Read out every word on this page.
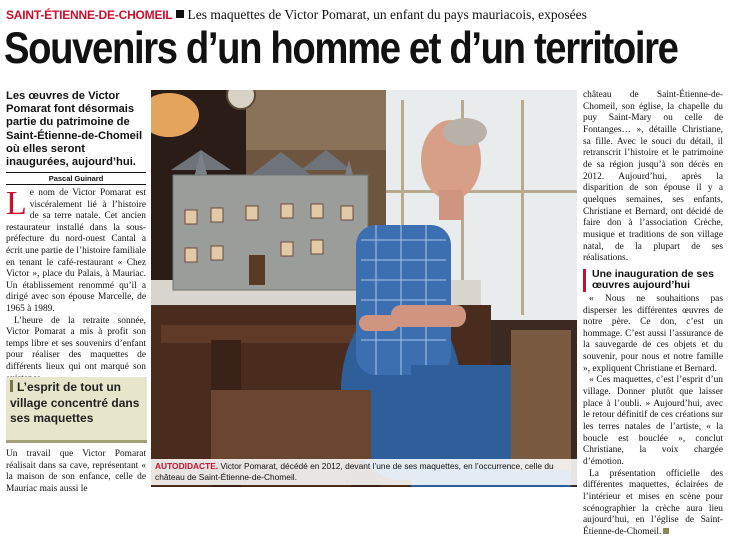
SAINT-ÉTIENNE-DE-CHOMEIL Les maquettes de Victor Pomarat, un enfant du pays mauriacois, exposées
Souvenirs d’un homme et d’un territoire
Les œuvres de Victor Pomarat font désormais partie du patrimoine de Saint-Étienne-de-Chomeil où elles seront inaugurées, aujourd’hui.
Pascal Guinard

Le nom de Victor Pomarat est viscéralement lié à l’histoire de sa terre natale. Cet ancien restaurateur installé dans la sous-préfecture du nord-ouest Cantal a écrit une partie de l’histoire familiale en tenant le café-restaurant « Chez Victor », place du Palais, à Mauriac. Un établissement renommé qu’il a dirigé avec son épouse Marcelle, de 1965 à 1989.

L’heure de la retraite sonnée, Victor Pomarat a mis à profit son temps libre et ses souvenirs d’enfant pour réaliser des maquettes de différents lieux qui ont marqué son

L’esprit de tout un village concentré dans ses maquettes
Un travail que Victor Pomarat réalisait dans sa cave, représentant « la maison de son enfance, celle de Mauriac mais aussi le
AUTODIDACTE. Victor Pomarat, décédé en 2012, devant l’une de ses maquettes, en l’occurrence, celle du château de Saint-Étienne-de-Chomeil.

château de Saint-Étienne-de-Chomeil, son église, la chapelle du puy Saint-Mary ou celle de Fontanges… », détaille Christiane, sa fille. Avec le souci du détail, il retranscrit l’histoire et le patrimoine de sa région jusqu’à son décès en 2012. Aujourd’hui, après la disparition de son épouse il y a quelques semaines, ses enfants, Christiane et Bernard, ont décidé de faire don à l’association Crèche, musique et traditions de son village natal, de la plupart de ses réalisations.

Une inauguration de ses œuvres aujourd’hui

« Nous ne souhaitions pas disperser les différentes œuvres de notre père. Ce don, c’est un hommage. C’est aussi l’assurance de la sauvegarde de ces objets et du souvenir, pour nous et notre famille », expliquent Christiane et Bernard.

« Ces maquettes, c’est l’esprit d’un village. Donner plutôt que laisser place à l’oubli. » Aujourd’hui, avec le retour définitif de ces créations sur les terres natales de l’artiste, « la boucle est bouclée », conclut Christiane, la voix chargée d’émotion.

La présentation officielle des différentes maquettes, éclairées de l’intérieur et mises en scène pour scénographier la crèche aura lieu aujourd’hui, en l’église de Saint-Étienne-de-Chomeil.
